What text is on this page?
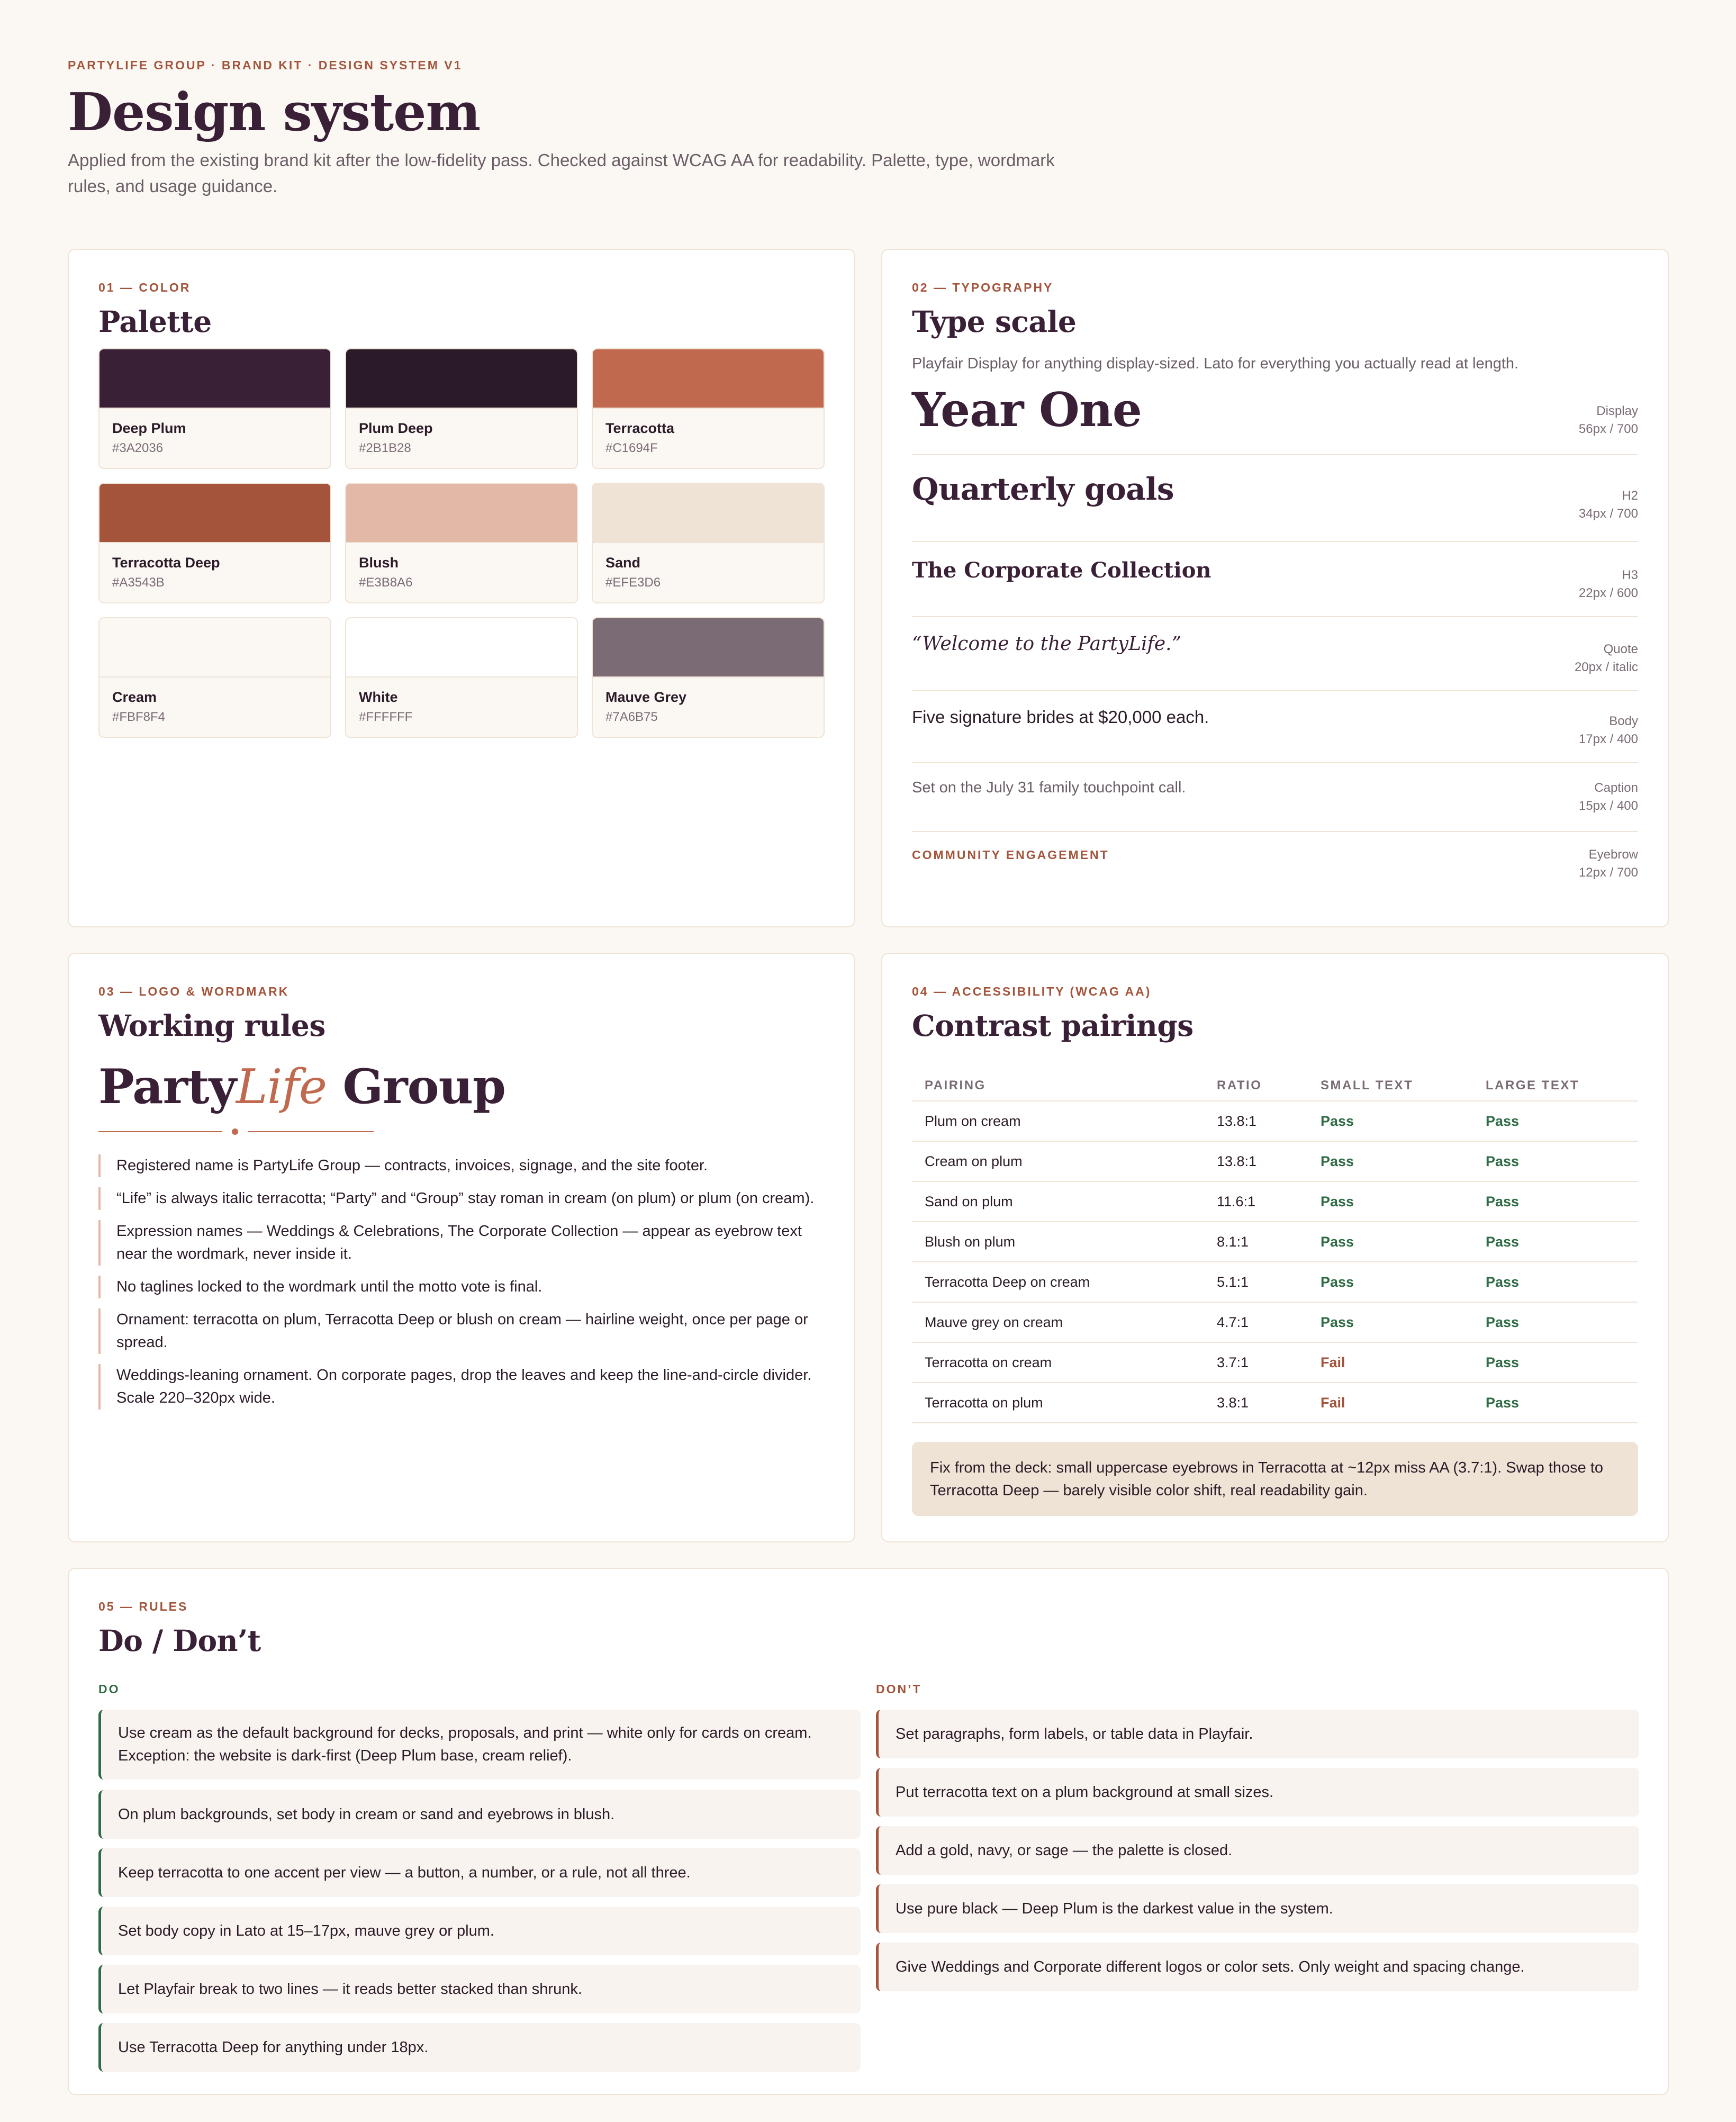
PARTYLIFE GROUP · BRAND KIT · DESIGN SYSTEM V1
Design system
Applied from the existing brand kit after the low-fidelity pass. Checked against WCAG AA for readability. Palette, type, wordmark rules, and usage guidance.
01 — COLOR
Palette
Deep Plum
#3A2036
Plum Deep
#2B1B28
Terracotta
#C1694F
Terracotta Deep
#A3543B
Blush
#E3B8A6
Sand
#EFE3D6
Cream
#FBF8F4
White
#FFFFFF
Mauve Grey
#7A6B75
02 — TYPOGRAPHY
Type scale
Playfair Display for anything display-sized. Lato for everything you actually read at length.
Year One	Display
56px / 700
Quarterly goals	H2
34px / 700
The Corporate Collection	H3
22px / 600
“Welcome to the PartyLife.”	Quote
20px / italic
Five signature brides at $20,000 each.	Body
17px / 400
Set on the July 31 family touchpoint call.	Caption
15px / 400
COMMUNITY ENGAGEMENT	Eyebrow
12px / 700
03 — LOGO & WORDMARK
Working rules
PartyLife Group
Registered name is PartyLife Group — contracts, invoices, signage, and the site footer.
“Life” is always italic terracotta; “Party” and “Group” stay roman in cream (on plum) or plum (on cream).
Expression names — Weddings & Celebrations, The Corporate Collection — appear as eyebrow text near the wordmark, never inside it.
No taglines locked to the wordmark until the motto vote is final.
Ornament: terracotta on plum, Terracotta Deep or blush on cream — hairline weight, once per page or spread.
Weddings-leaning ornament. On corporate pages, drop the leaves and keep the line-and-circle divider. Scale 220–320px wide.
04 — ACCESSIBILITY (WCAG AA)
Contrast pairings
PAIRING	RATIO	SMALL TEXT	LARGE TEXT
Plum on cream	13.8:1	Pass	Pass
Cream on plum	13.8:1	Pass	Pass
Sand on plum	11.6:1	Pass	Pass
Blush on plum	8.1:1	Pass	Pass
Terracotta Deep on cream	5.1:1	Pass	Pass
Mauve grey on cream	4.7:1	Pass	Pass
Terracotta on cream	3.7:1	Fail	Pass
Terracotta on plum	3.8:1	Fail	Pass
Fix from the deck: small uppercase eyebrows in Terracotta at ~12px miss AA (3.7:1). Swap those to Terracotta Deep — barely visible color shift, real readability gain.
05 — RULES
Do / Don’t
DO	DON’T
Use cream as the default background for decks, proposals, and print — white only for cards on cream. Exception: the website is dark-first (Deep Plum base, cream relief).
On plum backgrounds, set body in cream or sand and eyebrows in blush.
Keep terracotta to one accent per view — a button, a number, or a rule, not all three.
Set body copy in Lato at 15–17px, mauve grey or plum.
Let Playfair break to two lines — it reads better stacked than shrunk.
Use Terracotta Deep for anything under 18px.
Set paragraphs, form labels, or table data in Playfair.
Put terracotta text on a plum background at small sizes.
Add a gold, navy, or sage — the palette is closed.
Use pure black — Deep Plum is the darkest value in the system.
Give Weddings and Corporate different logos or color sets. Only weight and spacing change.
